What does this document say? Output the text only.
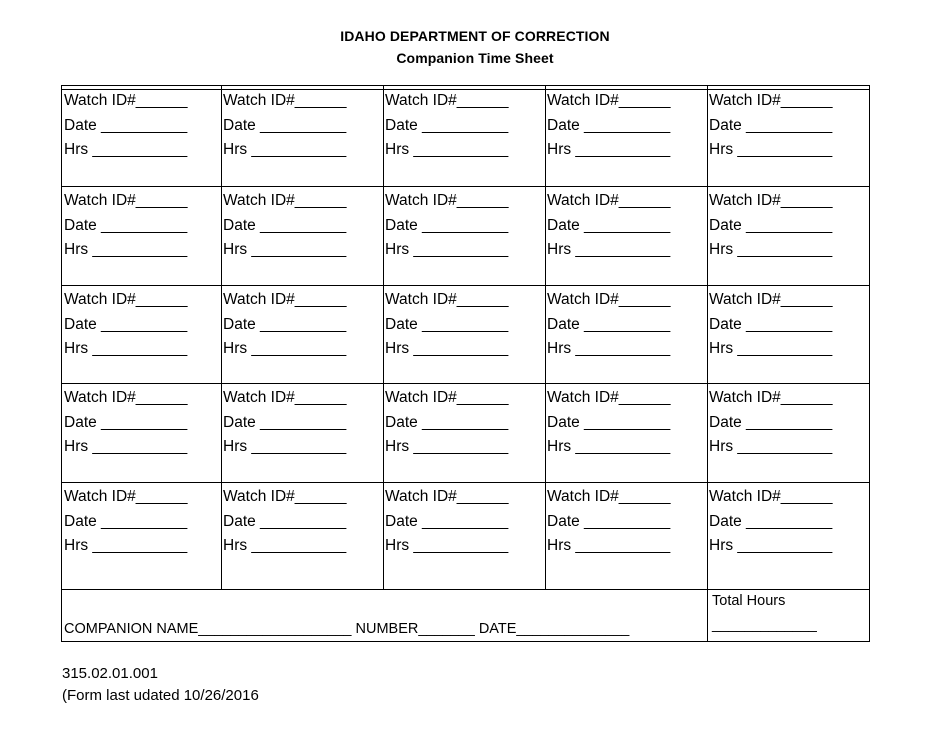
IDAHO DEPARTMENT OF CORRECTION
Companion Time Sheet
COMPANION NAME___________________ NUMBER_______ DATE______________
Total Hours
_____________
Watch ID#______
Date __________
Hrs ___________
Watch ID#______
Date __________
Hrs ___________
Watch ID#______
Date __________
Hrs ___________
Watch ID#______
Date __________
Hrs ___________
Watch ID#______
Date __________
Hrs ___________
Watch ID#______
Date __________
Hrs ___________
Watch ID#______
Date __________
Hrs ___________
Watch ID#______
Date __________
Hrs ___________
Watch ID#______
Date __________
Hrs ___________
Watch ID#______
Date __________
Hrs ___________
Watch ID#______
Date __________
Hrs ___________
Watch ID#______
Date __________
Hrs ___________
Watch ID#______
Date __________
Hrs ___________
Watch ID#______
Date __________
Hrs ___________
Watch ID#______
Date __________
Hrs ___________
Watch ID#______
Date __________
Hrs ___________
Watch ID#______
Date __________
Hrs ___________
Watch ID#______
Date __________
Hrs ___________
Watch ID#______
Date __________
Hrs ___________
Watch ID#______
Date __________
Hrs ___________
Watch ID#______
Date __________
Hrs ___________
Watch ID#______
Date __________
Hrs ___________
Watch ID#______
Date __________
Hrs ___________
Watch ID#______
Date __________
Hrs ___________
Watch ID#______
Date __________
Hrs ___________
315.02.01.001
(Form last udated 10/26/2016
